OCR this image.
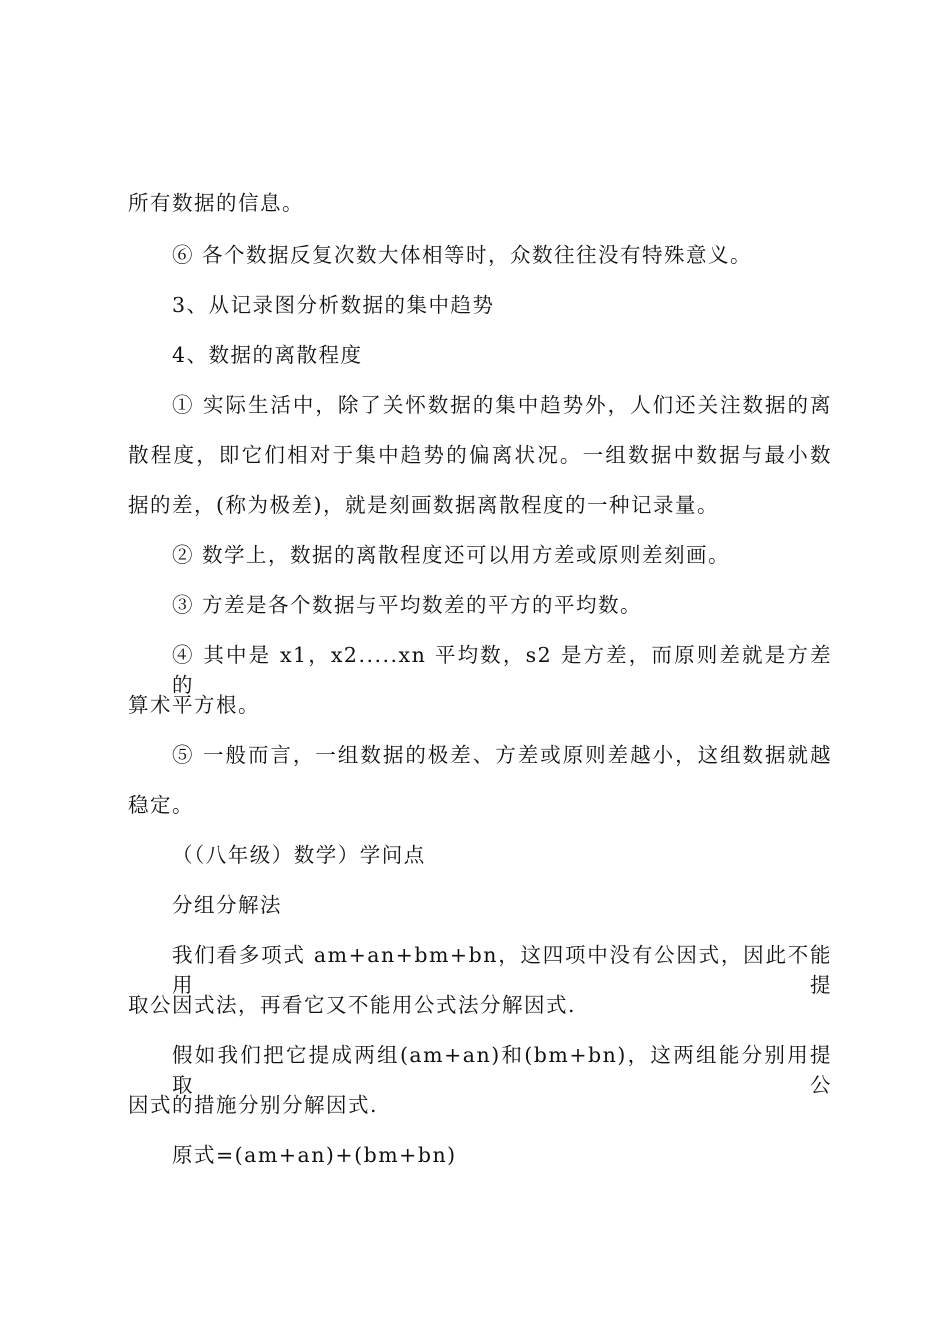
所有数据的信息。

⑥ 各个数据反复次数大体相等时，众数往往没有特殊意义。

3、从记录图分析数据的集中趋势

4、数据的离散程度

① 实际生活中，除了关怀数据的集中趋势外，人们还关注数据的离

散程度，即它们相对于集中趋势的偏离状况。一组数据中数据与最小数

据的差，(称为极差)，就是刻画数据离散程度的一种记录量。

② 数学上，数据的离散程度还可以用方差或原则差刻画。

③ 方差是各个数据与平均数差的平方的平均数。

④ 其中是 x1，x2.....xn 平均数，s2 是方差，而原则差就是方差的

算术平方根。

⑤ 一般而言，一组数据的极差、方差或原则差越小，这组数据就越

稳定。

（（八年级）数学）学问点

分组分解法

我们看多项式 am+an+bm+bn，这四项中没有公因式，因此不能用提

取公因式法，再看它又不能用公式法分解因式.

假如我们把它提成两组(am+an)和(bm+bn)，这两组能分别用提取公

因式的措施分别分解因式.

原式=(am+an)+(bm+bn)
